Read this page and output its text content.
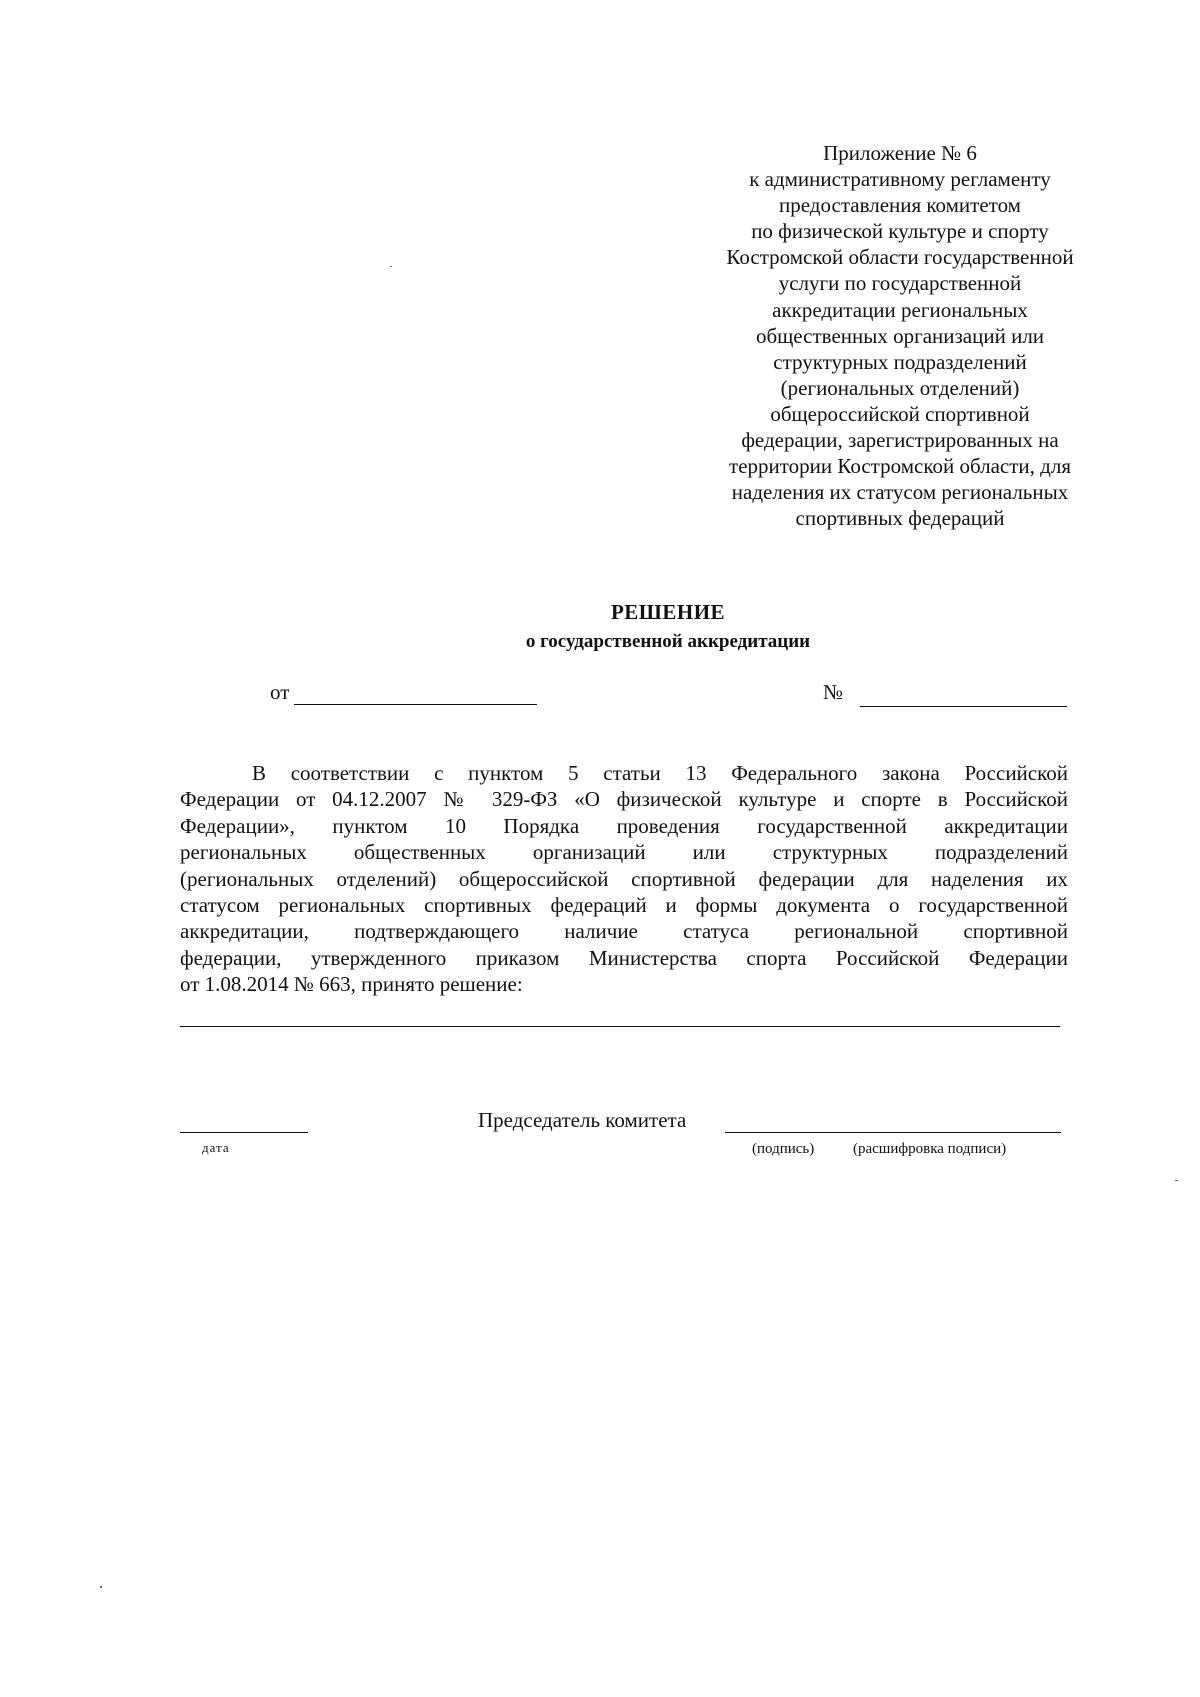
Приложение № 6
к административному регламенту
предоставления комитетом
по физической культуре и спорту
Костромской области государственной
услуги по государственной
аккредитации региональных
общественных организаций или
структурных подразделений
(региональных отделений)
общероссийской спортивной
федерации, зарегистрированных на
территории Костромской области, для
наделения их статусом региональных
спортивных федераций
РЕШЕНИЕ
о государственной аккредитации
от	№
В соответствии с пунктом 5 статьи 13 Федерального закона Российской
Федерации от 04.12.2007 № 329-ФЗ «О физической культуре и спорте в Российской
Федерации», пунктом 10 Порядка проведения государственной аккредитации
региональных общественных организаций или структурных подразделений
(региональных отделений) общероссийской спортивной федерации для наделения их
статусом региональных спортивных федераций и формы документа о государственной
аккредитации, подтверждающего наличие статуса региональной спортивной
федерации, утвержденного приказом Министерства спорта Российской Федерации
от 1.08.2014 № 663, принято решение:
дата
Председатель комитета
(подпись)	(расшифровка подписи)
